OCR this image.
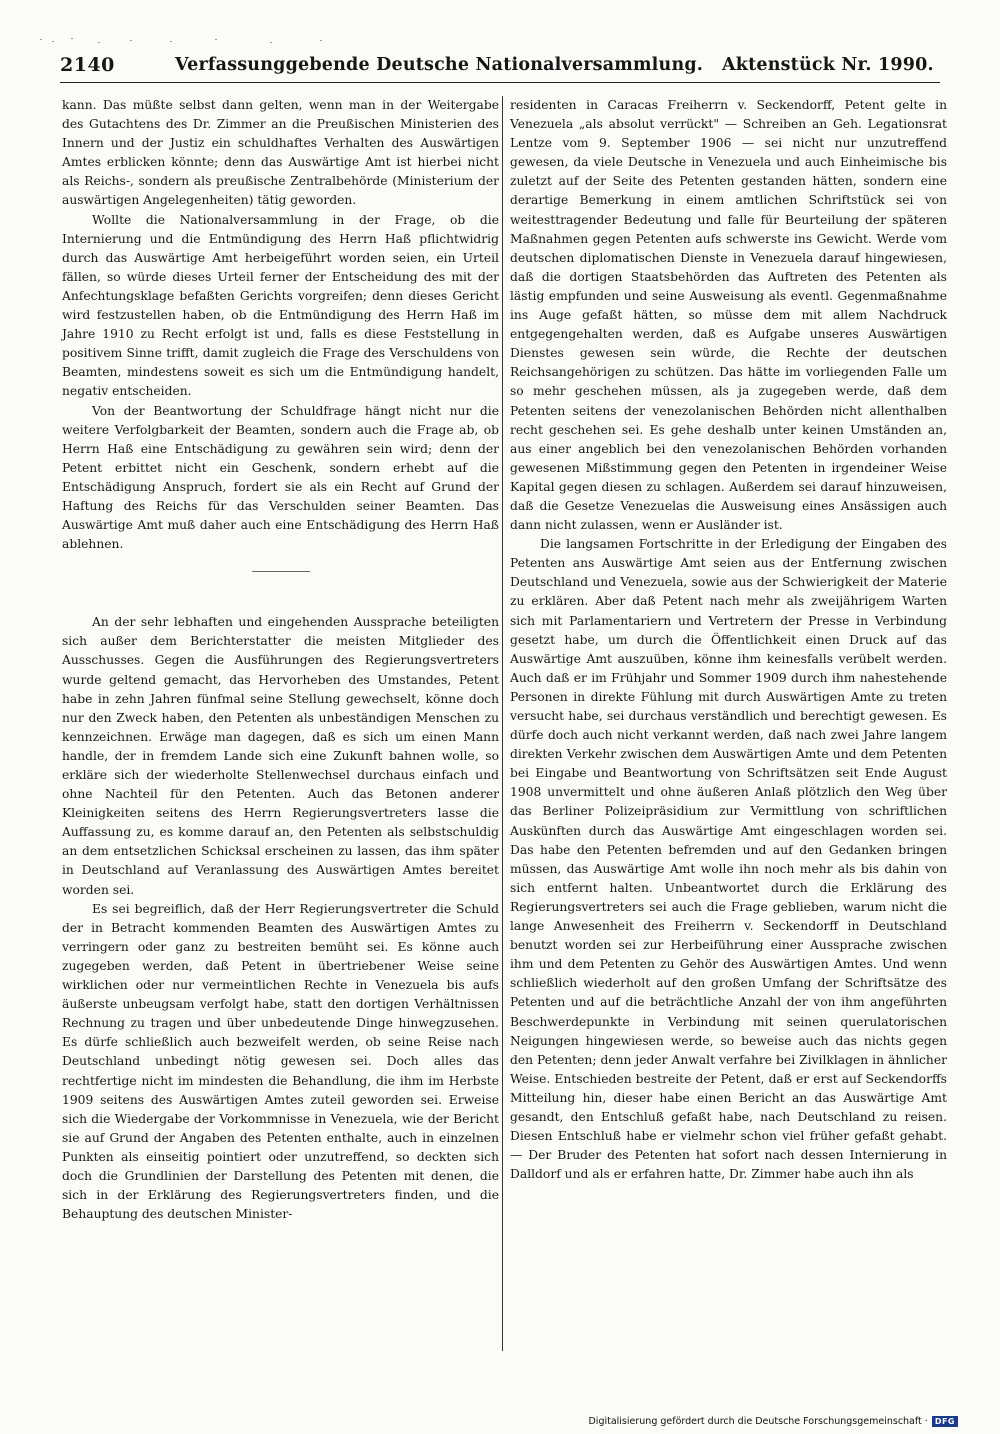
2140	Verfassunggebende Deutsche Nationalversammlung.   Aktenstück Nr. 1990.

kann. Das müßte selbst dann gelten, wenn man in der Weitergabe des Gutachtens des Dr. Zimmer an die Preußischen Ministerien des Innern und der Justiz ein schuldhaftes Verhalten des Auswärtigen Amtes erblicken könnte; denn das Auswärtige Amt ist hierbei nicht als Reichs-, sondern als preußische Zentralbehörde (Ministerium der auswärtigen Angelegenheiten) tätig geworden.

Wollte die Nationalversammlung in der Frage, ob die Internierung und die Entmündigung des Herrn Haß pflichtwidrig durch das Auswärtige Amt herbeigeführt worden seien, ein Urteil fällen, so würde dieses Urteil ferner der Entscheidung des mit der Anfechtungsklage befaßten Gerichts vorgreifen; denn dieses Gericht wird festzustellen haben, ob die Entmündigung des Herrn Haß im Jahre 1910 zu Recht erfolgt ist und, falls es diese Feststellung in positivem Sinne trifft, damit zugleich die Frage des Verschuldens von Beamten, mindestens soweit es sich um die Entmündigung handelt, negativ entscheiden.

Von der Beantwortung der Schuldfrage hängt nicht nur die weitere Verfolgbarkeit der Beamten, sondern auch die Frage ab, ob Herrn Haß eine Entschädigung zu gewähren sein wird; denn der Petent erbittet nicht ein Geschenk, sondern erhebt auf die Entschädigung Anspruch, fordert sie als ein Recht auf Grund der Haftung des Reichs für das Verschulden seiner Beamten. Das Auswärtige Amt muß daher auch eine Entschädigung des Herrn Haß ablehnen.

An der sehr lebhaften und eingehenden Aussprache beteiligten sich außer dem Berichterstatter die meisten Mitglieder des Ausschusses. Gegen die Ausführungen des Regierungsvertreters wurde geltend gemacht, das Hervorheben des Umstandes, Petent habe in zehn Jahren fünfmal seine Stellung gewechselt, könne doch nur den Zweck haben, den Petenten als unbeständigen Menschen zu kennzeichnen. Erwäge man dagegen, daß es sich um einen Mann handle, der in fremdem Lande sich eine Zukunft bahnen wolle, so erkläre sich der wiederholte Stellenwechsel durchaus einfach und ohne Nachteil für den Petenten. Auch das Betonen anderer Kleinigkeiten seitens des Herrn Regierungsvertreters lasse die Auffassung zu, es komme darauf an, den Petenten als selbstschuldig an dem entsetzlichen Schicksal erscheinen zu lassen, das ihm später in Deutschland auf Veranlassung des Auswärtigen Amtes bereitet worden sei.

Es sei begreiflich, daß der Herr Regierungsvertreter die Schuld der in Betracht kommenden Beamten des Auswärtigen Amtes zu verringern oder ganz zu bestreiten bemüht sei. Es könne auch zugegeben werden, daß Petent in übertriebener Weise seine wirklichen oder nur vermeintlichen Rechte in Venezuela bis aufs äußerste unbeugsam verfolgt habe, statt den dortigen Verhältnissen Rechnung zu tragen und über unbedeutende Dinge hinwegzusehen. Es dürfe schließlich auch bezweifelt werden, ob seine Reise nach Deutschland unbedingt nötig gewesen sei. Doch alles das rechtfertige nicht im mindesten die Behandlung, die ihm im Herbste 1909 seitens des Auswärtigen Amtes zuteil geworden sei. Erweise sich die Wiedergabe der Vorkommnisse in Venezuela, wie der Bericht sie auf Grund der Angaben des Petenten enthalte, auch in einzelnen Punkten als einseitig pointiert oder unzutreffend, so deckten sich doch die Grundlinien der Darstellung des Petenten mit denen, die sich in der Erklärung des Regierungsvertreters finden, und die Behauptung des deutschen Minister-

residenten in Caracas Freiherrn v. Seckendorff, Petent gelte in Venezuela „als absolut verrückt" — Schreiben an Geh. Legationsrat Lentze vom 9. September 1906 — sei nicht nur unzutreffend gewesen, da viele Deutsche in Venezuela und auch Einheimische bis zuletzt auf der Seite des Petenten gestanden hätten, sondern eine derartige Bemerkung in einem amtlichen Schriftstück sei von weitesttragender Bedeutung und falle für Beurteilung der späteren Maßnahmen gegen Petenten aufs schwerste ins Gewicht. Werde vom deutschen diplomatischen Dienste in Venezuela darauf hingewiesen, daß die dortigen Staatsbehörden das Auftreten des Petenten als lästig empfunden und seine Ausweisung als eventl. Gegenmaßnahme ins Auge gefaßt hätten, so müsse dem mit allem Nachdruck entgegengehalten werden, daß es Aufgabe unseres Auswärtigen Dienstes gewesen sein würde, die Rechte der deutschen Reichsangehörigen zu schützen. Das hätte im vorliegenden Falle um so mehr geschehen müssen, als ja zugegeben werde, daß dem Petenten seitens der venezolanischen Behörden nicht allenthalben recht geschehen sei. Es gehe deshalb unter keinen Umständen an, aus einer angeblich bei den venezolanischen Behörden vorhanden gewesenen Mißstimmung gegen den Petenten in irgendeiner Weise Kapital gegen diesen zu schlagen. Außerdem sei darauf hinzuweisen, daß die Gesetze Venezuelas die Ausweisung eines Ansässigen auch dann nicht zulassen, wenn er Ausländer ist.

Die langsamen Fortschritte in der Erledigung der Eingaben des Petenten ans Auswärtige Amt seien aus der Entfernung zwischen Deutschland und Venezuela, sowie aus der Schwierigkeit der Materie zu erklären. Aber daß Petent nach mehr als zweijährigem Warten sich mit Parlamentariern und Vertretern der Presse in Verbindung gesetzt habe, um durch die Öffentlichkeit einen Druck auf das Auswärtige Amt auszuüben, könne ihm keinesfalls verübelt werden. Auch daß er im Frühjahr und Sommer 1909 durch ihm nahestehende Personen in direkte Fühlung mit durch Auswärtigen Amte zu treten versucht habe, sei durchaus verständlich und berechtigt gewesen. Es dürfe doch auch nicht verkannt werden, daß nach zwei Jahre langem direkten Verkehr zwischen dem Auswärtigen Amte und dem Petenten bei Eingabe und Beantwortung von Schriftsätzen seit Ende August 1908 unvermittelt und ohne äußeren Anlaß plötzlich den Weg über das Berliner Polizeipräsidium zur Vermittlung von schriftlichen Auskünften durch das Auswärtige Amt eingeschlagen worden sei. Das habe den Petenten befremden und auf den Gedanken bringen müssen, das Auswärtige Amt wolle ihn noch mehr als bis dahin von sich entfernt halten. Unbeantwortet durch die Erklärung des Regierungsvertreters sei auch die Frage geblieben, warum nicht die lange Anwesenheit des Freiherrn v. Seckendorff in Deutschland benutzt worden sei zur Herbeiführung einer Aussprache zwischen ihm und dem Petenten zu Gehör des Auswärtigen Amtes. Und wenn schließlich wiederholt auf den großen Umfang der Schriftsätze des Petenten und auf die beträchtliche Anzahl der von ihm angeführten Beschwerdepunkte in Verbindung mit seinen querulatorischen Neigungen hingewiesen werde, so beweise auch das nichts gegen den Petenten; denn jeder Anwalt verfahre bei Zivilklagen in ähnlicher Weise. Entschieden bestreite der Petent, daß er erst auf Seckendorffs Mitteilung hin, dieser habe einen Bericht an das Auswärtige Amt gesandt, den Entschluß gefaßt habe, nach Deutschland zu reisen. Diesen Entschluß habe er vielmehr schon viel früher gefaßt gehabt. — Der Bruder des Petenten hat sofort nach dessen Internierung in Dalldorf und als er erfahren hatte, Dr. Zimmer habe auch ihn als

Digitalisierung gefördert durch die Deutsche Forschungsgemeinschaft · DFG
